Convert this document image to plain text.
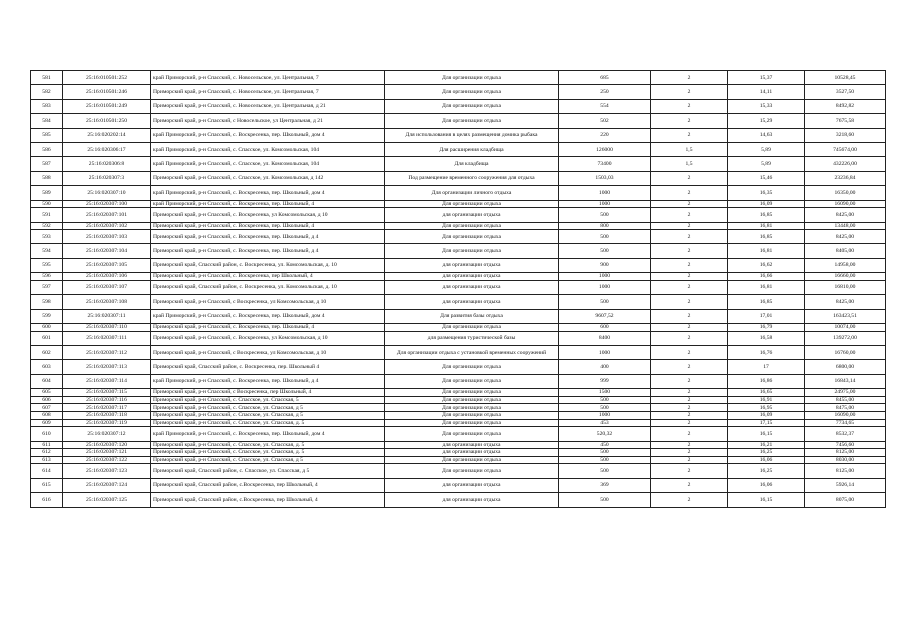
581	25:16:010501:252	край Приморский, р-н Спасский, с. Новосельское, ул. Центральная, 7	Для организации отдыха	685	2	15,37	10528,45
582	25:16:010501:246	Приморский край, р-н Спасский, с. Новосельское, ул. Центральная, 7	Для организации отдыха	250	2	14,11	3527,50
583	25:16:010501:249	Приморский край, р-н Спасский, с. Новосельское, ул. Центральная, д 21	Для организации отдыха	554	2	15,33	8492,82
584	25:16:010501:250	Приморский край, р-н Спасский, с Новосельское, ул Центральная, д 21	Для организации отдыха	502	2	15,29	7675,58
585	25:16:020202:14	край Приморский, р-н Спасский, с. Воскресенка, пер. Школьный, дом 4	Для использования в целях размещения домика рыбака	220	2	14,63	3218,60
586	25:16:020306:17	край Приморский, р-н Спасский, с. Спасское, ул. Комсомольская, 104	Для расширения кладбища	126000	1,5	5,89	745674,00
587	25:16:020306:8	край Приморский, р-н Спасский, с. Спасское, ул. Комсомольская, 104	Для кладбища	73400	1,5	5,89	432226,00
588	25:16:020307:3	Приморский край, р-н Спасский, с. Спасское, ул. Комсомольская, д 142	Под размещение временного сооружения для отдыха	1503,03	2	15,46	23236,84
589	25:16:020307:10	край Приморский, р-н Спасский, с. Воскресенка, пер. Школьный, дом 4	Для организации личного отдыха	1000	2	16,35	16350,00
590	25:16:020307:100	край Приморский, р-н Спасский, с. Воскресенка, пер. Школьный, 4	Для организации отдыха	1000	2	16,09	16090,00
591	25:16:020307:101	Приморский край, р-н Спасский, с. Воскресенка, ул Комсомольская, д 10	для организации отдыха	500	2	16,85	8425,00
592	25:16:020307:102	Приморский край, р-н Спасский, с. Воскресенка, пер. Школьный, 4	Для организации отдыха	800	2	16,81	13448,00
593	25:16:020307:103	Приморский край, р-н Спасский, с. Воскресенка, пер. Школьный, д 4	Для организации отдыха	500	2	16,85	8425,00
594	25:16:020307:104	Приморский край, р-н Спасский, с. Воскресенка, пер. Школьный, д 4	Для организации отдыха	500	2	16,81	8405,00
595	25:16:020307:105	Приморский край, Спасский район, с. Воскресенка, ул. Комсомольская, д. 10	для организации отдыха	900	2	16,62	14958,00
596	25:16:020307:106	Приморский край, р-н Спасский, с. Воскресенка, пер Школьный, 4	для организации отдыха	1000	2	16,66	16660,00
597	25:16:020307:107	Приморский край, Спасский район, с. Воскресенка, ул. Комсомольская, д. 10	для организации отдыха	1000	2	16,81	16810,00
598	25:16:020307:108	Приморский край, р-н Спасский, с Воскресенка, ул Комсомольская, д 10	для организации отдыха	500	2	16,85	8425,00
599	25:16:020307:11	край Приморский, р-н Спасский, с. Воскресенка, пер. Школьный, дом 4	Для развития базы отдыха	9607,52	2	17,01	163423,51
600	25:16:020307:110	Приморский край, р-н Спасский, с. Воскресенка, пер. Школьный, 4	Для организации отдыха	600	2	16,79	10074,00
601	25:16:020307:111	Приморский край, р-н Спасский, с. Воскресенка, ул Комсомольская, д 10	для размещения туристической базы	8400	2	16,58	139272,00
602	25:16:020307:112	Приморский край, р-н Спасский, с Воскресенка, ул Комсомольская, д 10	Для организации отдыха с установкой временных сооружений	1000	2	16,76	16760,00
603	25:16:020307:113	Приморский край, Спасский район, с. Воскресенка, пер. Школьный 4	Для организации отдыха	400	2	17	6800,00
604	25:16:020307:114	край Приморский, р-н Спасский, с. Воскресенка, пер. Школьный, д 4	Для организации отдыха	999	2	16,86	16843,14
605	25:16:020307:115	Приморский край, р-н Спасский, с Воскресенка, пер Школьный, 4	Для организации отдыха	1500	2	16,65	24975,00
606	25:16:020307:116	Приморский край, р-н Спасский, с. Спасское, ул. Спасская, 5	Для организации отдыха	500	2	16,91	8455,00
607	25:16:020307:117	Приморский край, р-н Спасский, с. Спасское, ул. Спасская, д 5	Для организации отдыха	500	2	16,95	8475,00
608	25:16:020307:118	Приморский край, р-н Спасский, с. Спасское, ул. Спасская, д 5	Для организации отдыха	1000	2	16,09	16090,00
609	25:16:020307:119	Приморский край, р-н Спасский, с. Спасское, ул. Спасская, д. 5	Для организации отдыха	453	2	17,15	7734,65
610	25:16:020307:12	край Приморский, р-н Спасский, с. Воскресенка, пер. Школьный, дом 4	Для организации отдыха	520,32	2	16,15	8532,37
611	25:16:020307:120	Приморский край, р-н Спасский, с. Спасское, ул. Спасская, д. 5	для организации отдыха	450	2	16,21	7456,60
612	25:16:020307:121	Приморский край, р-н Спасский, с. Спасское, ул. Спасская, д. 5	для организации отдыха	500	2	16,25	8125,00
613	25:16:020307:122	Приморский край, р-н Спасский, с. Спасское, ул. Спасская, д 5	Для организации отдыха	500	2	16,06	8030,00
614	25:16:020307:123	Приморский край, Спасский район, с. Спасское, ул. Спасская, д 5	Для организации отдыха	500	2	16,25	8125,00
615	25:16:020307:124	Приморский край, Спасский район, с.Воскресенка, пер Школьный, 4	для организации отдыха	369	2	16,06	5926,14
616	25:16:020307:125	Приморский край, Спасский район, с.Воскресенка, пер Школьный, 4	для организации отдыха	500	2	16,15	8075,00
